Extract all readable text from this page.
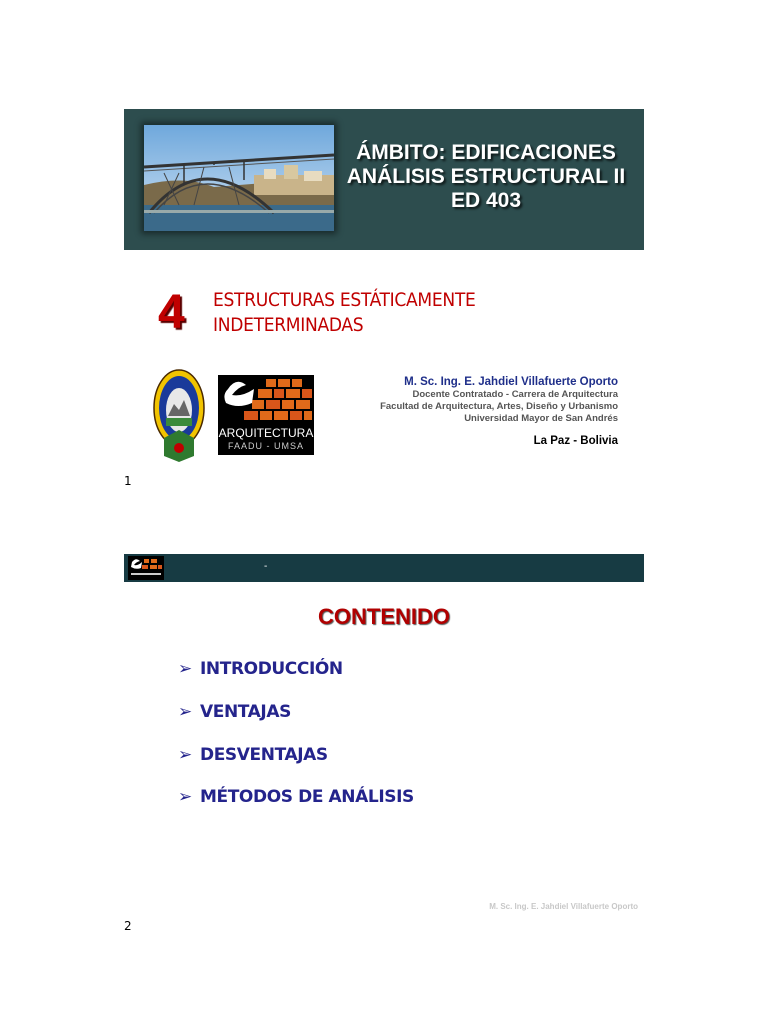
ÁMBITO: EDIFICACIONES
ANÁLISIS ESTRUCTURAL II
ED 403
4 ESTRUCTURAS ESTÁTICAMENTE
INDETERMINADAS
ARQUITECTURA
FAADU - UMSA
M. Sc. Ing. E. Jahdiel Villafuerte Oporto
Docente Contratado - Carrera de Arquitectura
Facultad de Arquitectura, Artes, Diseño y Urbanismo
Universidad Mayor de San Andrés
La Paz - Bolivia
1
-
CONTENIDO
➢ INTRODUCCIÓN
➢ VENTAJAS
➢ DESVENTAJAS
➢ MÉTODOS DE ANÁLISIS
M. Sc. Ing. E. Jahdiel Villafuerte Oporto
2
